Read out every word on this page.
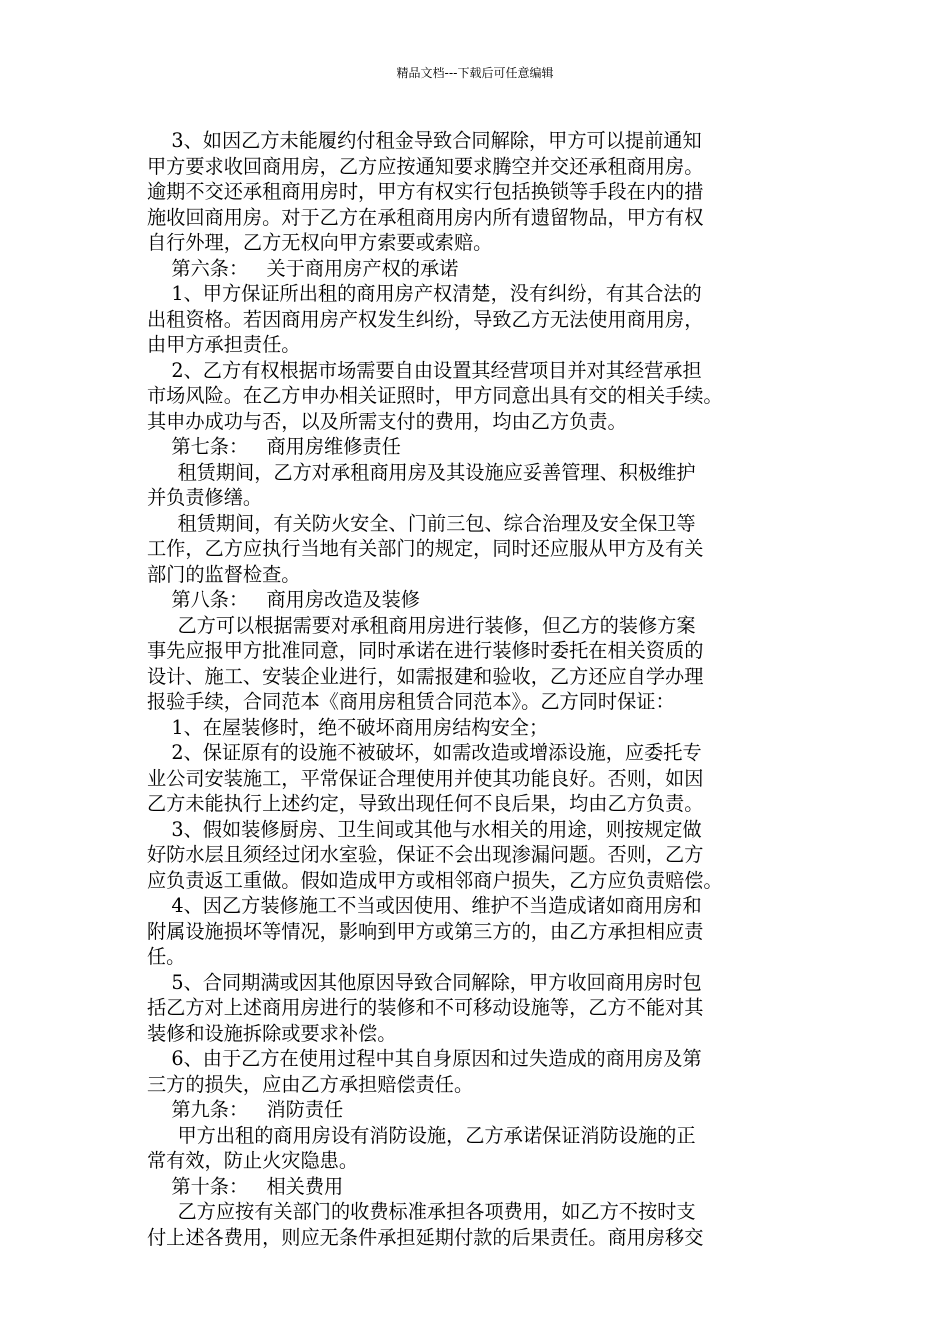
精品文档---下载后可任意编辑
3、如因乙方未能履约付租金导致合同解除，甲方可以提前通知
甲方要求收回商用房，乙方应按通知要求腾空并交还承租商用房。
逾期不交还承租商用房时，甲方有权实行包括换锁等手段在内的措
施收回商用房。对于乙方在承租商用房内所有遗留物品，甲方有权
自行外理，乙方无权向甲方索要或索赔。
第六条：   关于商用房产权的承诺
1、甲方保证所出租的商用房产权清楚，没有纠纷，有其合法的
出租资格。若因商用房产权发生纠纷，导致乙方无法使用商用房，
由甲方承担责任。
2、乙方有权根据市场需要自由设置其经营项目并对其经营承担
市场风险。在乙方申办相关证照时，甲方同意出具有交的相关手续。
其申办成功与否，以及所需支付的费用，均由乙方负责。
第七条：   商用房维修责任
租赁期间，乙方对承租商用房及其设施应妥善管理、积极维护
并负责修缮。
租赁期间，有关防火安全、门前三包、综合治理及安全保卫等
工作，乙方应执行当地有关部门的规定，同时还应服从甲方及有关
部门的监督检查。
第八条：   商用房改造及装修
乙方可以根据需要对承租商用房进行装修，但乙方的装修方案
事先应报甲方批准同意，同时承诺在进行装修时委托在相关资质的
设计、施工、安装企业进行，如需报建和验收，乙方还应自学办理
报验手续，合同范本《商用房租赁合同范本》。乙方同时保证：
1、在屋装修时，绝不破坏商用房结构安全；
2、保证原有的设施不被破坏，如需改造或增添设施，应委托专
业公司安装施工，平常保证合理使用并使其功能良好。否则，如因
乙方未能执行上述约定，导致出现任何不良后果，均由乙方负责。
3、假如装修厨房、卫生间或其他与水相关的用途，则按规定做
好防水层且须经过闭水室验，保证不会出现渗漏问题。否则，乙方
应负责返工重做。假如造成甲方或相邻商户损失，乙方应负责赔偿。
4、因乙方装修施工不当或因使用、维护不当造成诸如商用房和
附属设施损坏等情况，影响到甲方或第三方的，由乙方承担相应责
任。
5、合同期满或因其他原因导致合同解除，甲方收回商用房时包
括乙方对上述商用房进行的装修和不可移动设施等，乙方不能对其
装修和设施拆除或要求补偿。
6、由于乙方在使用过程中其自身原因和过失造成的商用房及第
三方的损失，应由乙方承担赔偿责任。
第九条：   消防责任
甲方出租的商用房设有消防设施，乙方承诺保证消防设施的正
常有效，防止火灾隐患。
第十条：   相关费用
乙方应按有关部门的收费标准承担各项费用，如乙方不按时支
付上述各费用，则应无条件承担延期付款的后果责任。商用房移交
